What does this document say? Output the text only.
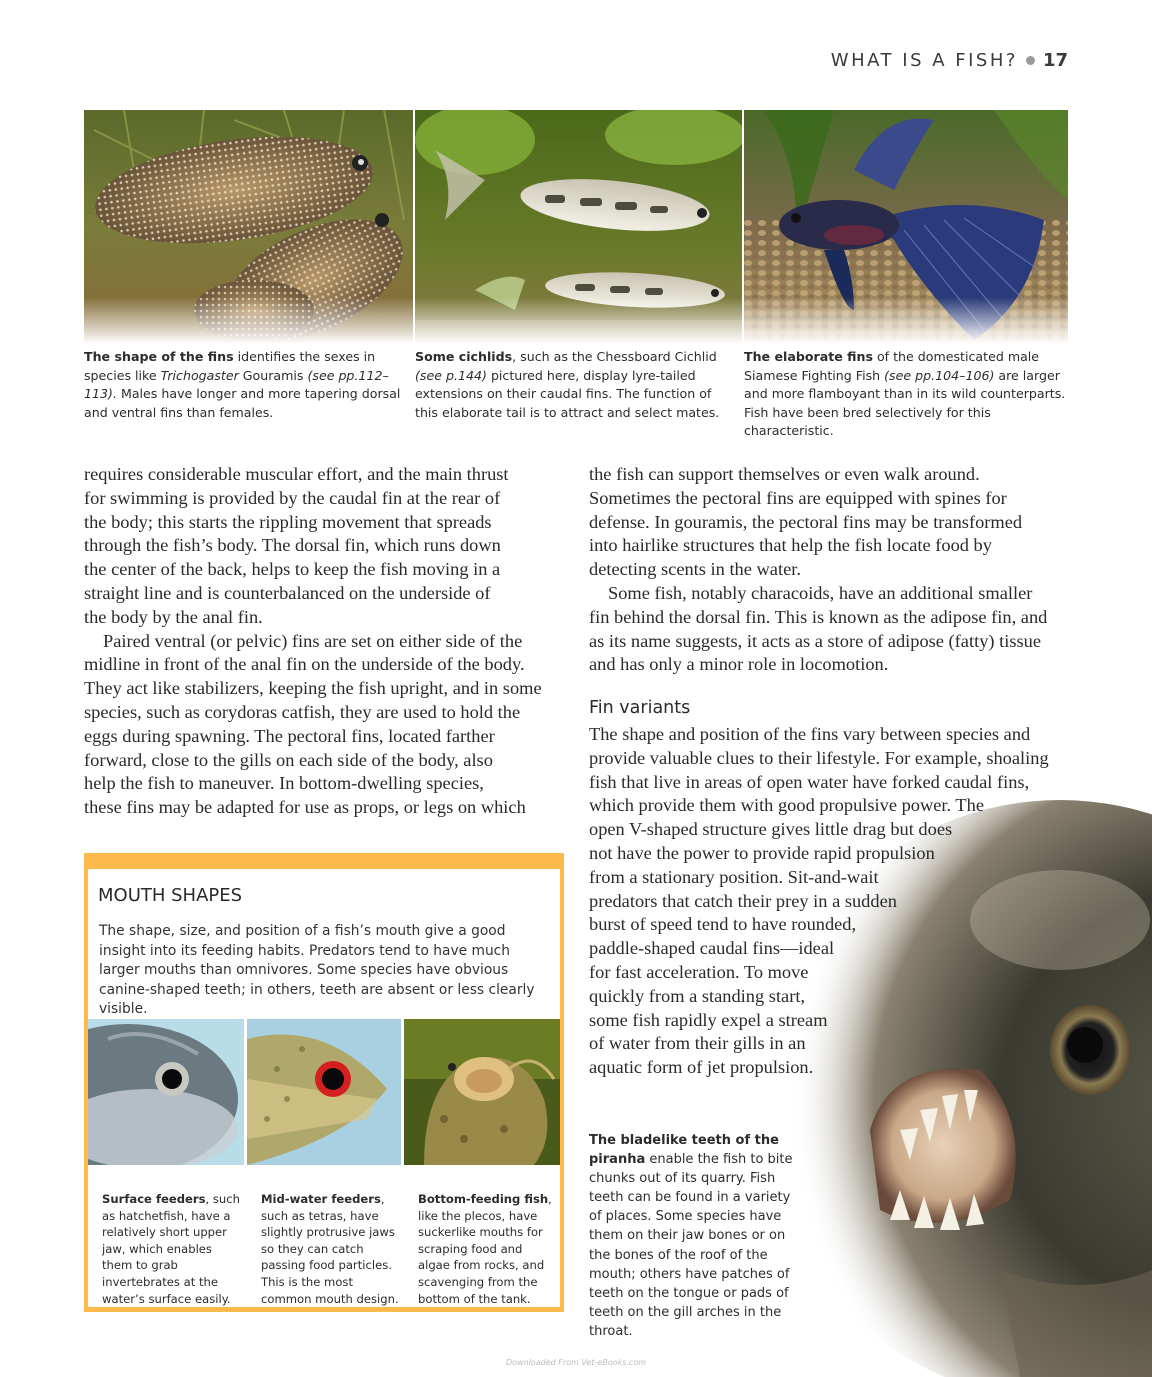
WHAT IS A FISH? 17
The shape of the fins identifies the sexes in species like Trichogaster Gouramis (see pp.112–113). Males have longer and more tapering dorsal and ventral fins than females.
Some cichlids, such as the Chessboard Cichlid (see p.144) pictured here, display lyre-tailed extensions on their caudal fins. The function of this elaborate tail is to attract and select mates.
The elaborate fins of the domesticated male Siamese Fighting Fish (see pp.104–106) are larger and more flamboyant than in its wild counterparts. Fish have been bred selectively for this characteristic.

requires considerable muscular effort, and the main thrust
for swimming is provided by the caudal fin at the rear of
the body; this starts the rippling movement that spreads
through the fish’s body. The dorsal fin, which runs down
the center of the back, helps to keep the fish moving in a
straight line and is counterbalanced on the underside of
the body by the anal fin.

Paired ventral (or pelvic) fins are set on either side of the
midline in front of the anal fin on the underside of the body.
They act like stabilizers, keeping the fish upright, and in some
species, such as corydoras catfish, they are used to hold the
eggs during spawning. The pectoral fins, located farther
forward, close to the gills on each side of the body, also
help the fish to maneuver. In bottom-dwelling species,
these fins may be adapted for use as props, or legs on which

the fish can support themselves or even walk around.
Sometimes the pectoral fins are equipped with spines for
defense. In gouramis, the pectoral fins may be transformed
into hairlike structures that help the fish locate food by
detecting scents in the water.

Some fish, notably characoids, have an additional smaller
fin behind the dorsal fin. This is known as the adipose fin, and
as its name suggests, it acts as a store of adipose (fatty) tissue
and has only a minor role in locomotion.

Fin variants

The shape and position of the fins vary between species and
provide valuable clues to their lifestyle. For example, shoaling
fish that live in areas of open water have forked caudal fins,
which provide them with good propulsive power. The
open V-shaped structure gives little drag but does
not have the power to provide rapid propulsion
from a stationary position. Sit-and-wait
predators that catch their prey in a sudden
burst of speed tend to have rounded,
paddle-shaped caudal fins—ideal
for fast acceleration. To move
quickly from a standing start,
some fish rapidly expel a stream
of water from their gills in an
aquatic form of jet propulsion.

The bladelike teeth of the piranha enable the fish to bite chunks out of its quarry. Fish teeth can be found in a variety of places. Some species have them on their jaw bones or on the bones of the roof of the mouth; others have patches of teeth on the tongue or pads of teeth on the gill arches in the throat.
MOUTH SHAPES
The shape, size, and position of a fish’s mouth give a good insight into its feeding habits. Predators tend to have much larger mouths than omnivores. Some species have obvious canine-shaped teeth; in others, teeth are absent or less clearly visible.
Surface feeders, such as hatchetfish, have a relatively short upper jaw, which enables them to grab invertebrates at the water’s surface easily.
Mid-water feeders, such as tetras, have slightly protrusive jaws so they can catch passing food particles. This is the most common mouth design.
Bottom-feeding fish, like the plecos, have suckerlike mouths for scraping food and algae from rocks, and scavenging from the bottom of the tank.
Downloaded From Vet-eBooks.com
